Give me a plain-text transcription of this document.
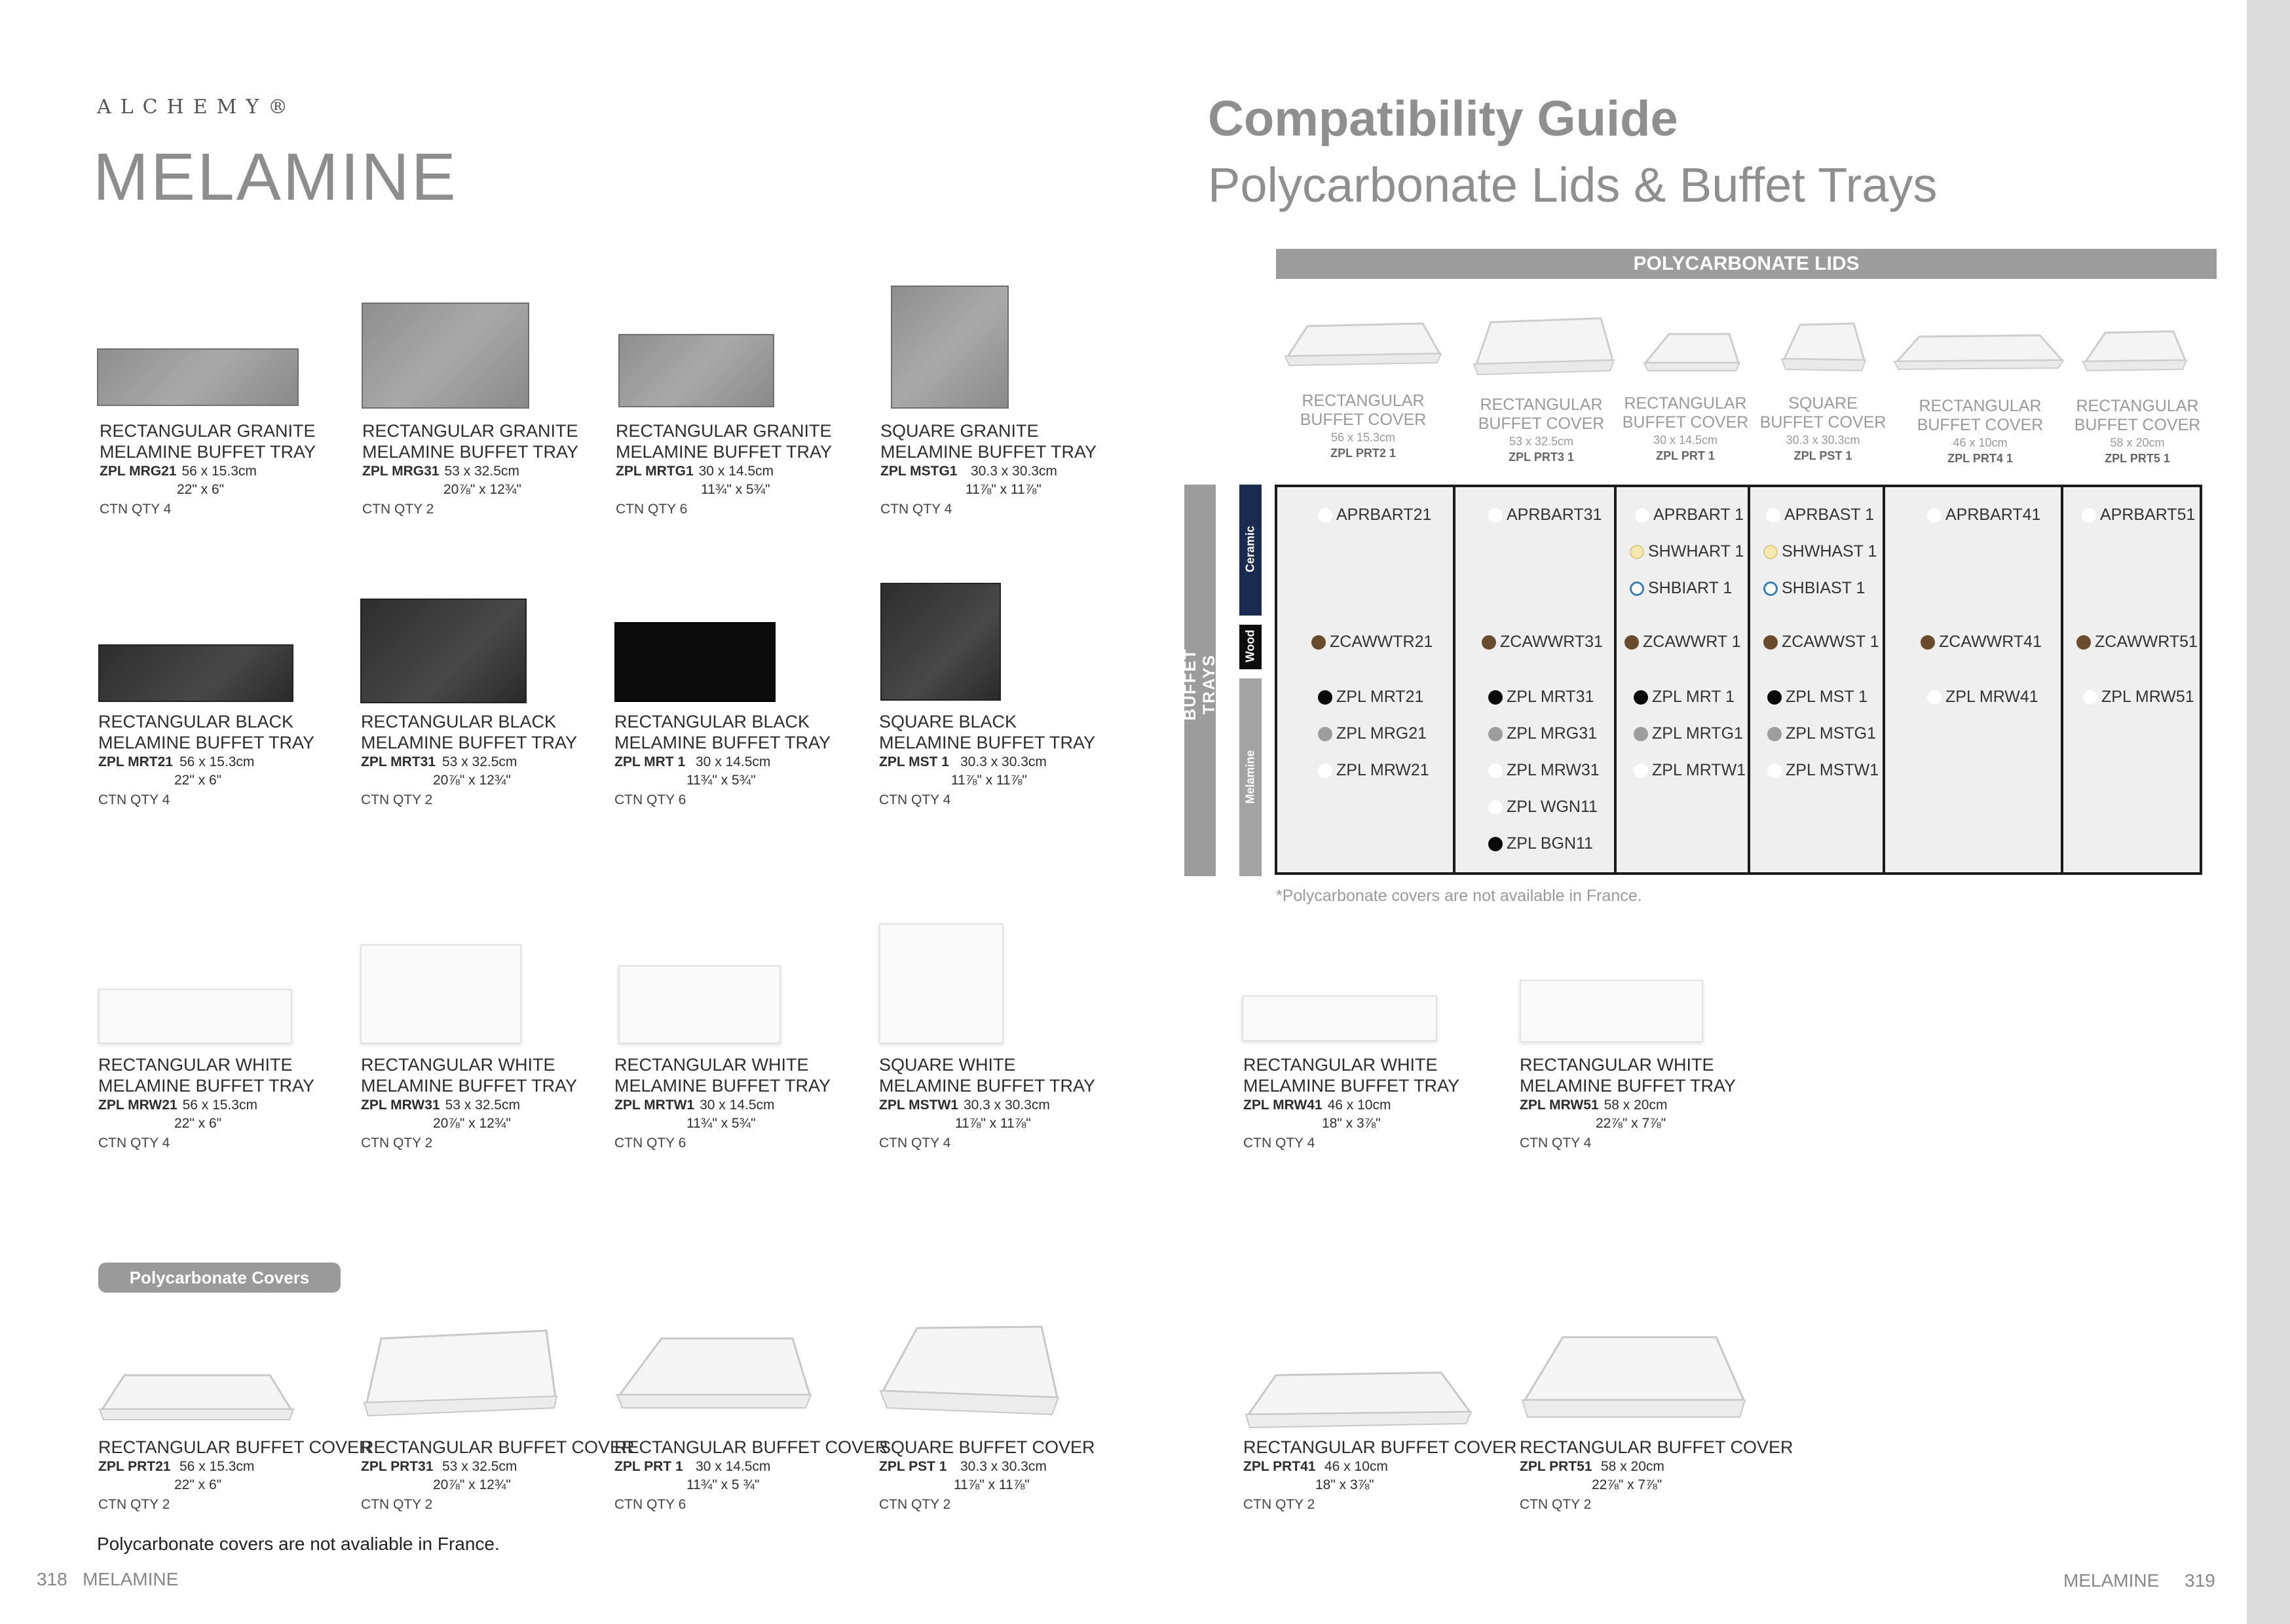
ALCHEMY®
MELAMINE
Compatibility Guide
Polycarbonate Lids & Buffet Trays
RECTANGULAR GRANITE
MELAMINE BUFFET TRAY
ZPL MRG21 56 x 15.3cm
22" x 6"
CTN QTY 4
RECTANGULAR GRANITE
MELAMINE BUFFET TRAY
ZPL MRG31 53 x 32.5cm
20⅞" x 12¾"
CTN QTY 2
RECTANGULAR GRANITE
MELAMINE BUFFET TRAY
ZPL MRTG1 30 x 14.5cm
11¾" x 5¾"
CTN QTY 6
SQUARE GRANITE
MELAMINE BUFFET TRAY
ZPL MSTG1 30.3 x 30.3cm
11⅞" x 11⅞"
CTN QTY 4
RECTANGULAR BLACK
MELAMINE BUFFET TRAY
ZPL MRT21 56 x 15.3cm
22" x 6"
CTN QTY 4
RECTANGULAR BLACK
MELAMINE BUFFET TRAY
ZPL MRT31 53 x 32.5cm
20⅞" x 12¾"
CTN QTY 2
RECTANGULAR BLACK
MELAMINE BUFFET TRAY
ZPL MRT 1 30 x 14.5cm
11¾" x 5¾"
CTN QTY 6
SQUARE BLACK
MELAMINE BUFFET TRAY
ZPL MST 1 30.3 x 30.3cm
11⅞" x 11⅞"
CTN QTY 4
RECTANGULAR WHITE
MELAMINE BUFFET TRAY
ZPL MRW21 56 x 15.3cm
22" x 6"
CTN QTY 4
RECTANGULAR WHITE
MELAMINE BUFFET TRAY
ZPL MRW31 53 x 32.5cm
20⅞" x 12¾"
CTN QTY 2
RECTANGULAR WHITE
MELAMINE BUFFET TRAY
ZPL MRTW1 30 x 14.5cm
11¾" x 5¾"
CTN QTY 6
SQUARE WHITE
MELAMINE BUFFET TRAY
ZPL MSTW1 30.3 x 30.3cm
11⅞" x 11⅞"
CTN QTY 4
RECTANGULAR WHITE
MELAMINE BUFFET TRAY
ZPL MRW41 46 x 10cm
18" x 3⅞"
CTN QTY 4
RECTANGULAR WHITE
MELAMINE BUFFET TRAY
ZPL MRW51 58 x 20cm
22⅞" x 7⅞"
CTN QTY 4
Polycarbonate Covers
RECTANGULAR BUFFET COVER
ZPL PRT21 56 x 15.3cm
22" x 6"
CTN QTY 2
RECTANGULAR BUFFET COVER
ZPL PRT31 53 x 32.5cm
20⅞" x 12¾"
CTN QTY 2
RECTANGULAR BUFFET COVER
ZPL PRT 1 30 x 14.5cm
11¾" x 5 ¾"
CTN QTY 6
SQUARE BUFFET COVER
ZPL PST 1 30.3 x 30.3cm
11⅞" x 11⅞"
CTN QTY 2
RECTANGULAR BUFFET COVER
ZPL PRT41 46 x 10cm
18" x 3⅞"
CTN QTY 2
RECTANGULAR BUFFET COVER
ZPL PRT51 58 x 20cm
22⅞" x 7⅞"
CTN QTY 2
Polycarbonate covers are not avaliable in France.
318 MELAMINE	MELAMINE 319
POLYCARBONATE LIDS
RECTANGULAR
BUFFET COVER
56 x 15.3cm
ZPL PRT2 1
RECTANGULAR
BUFFET COVER
53 x 32.5cm
ZPL PRT3 1
RECTANGULAR
BUFFET COVER
30 x 14.5cm
ZPL PRT 1
SQUARE
BUFFET COVER
30.3 x 30.3cm
ZPL PST 1
RECTANGULAR
BUFFET COVER
46 x 10cm
ZPL PRT4 1
RECTANGULAR
BUFFET COVER
58 x 20cm
ZPL PRT5 1
BUFFET TRAYS
Ceramic
Wood
Melamine
APRBART21
ZCAWWTR21
ZPL MRT21
ZPL MRG21
ZPL MRW21
APRBART31
ZCAWWRT31
ZPL MRT31
ZPL MRG31
ZPL MRW31
ZPL WGN11
ZPL BGN11
APRBART 1
SHWHART 1
SHBIART 1
ZCAWWRT 1
ZPL MRT 1
ZPL MRTG1
ZPL MRTW1
APRBAST 1
SHWHAST 1
SHBIAST 1
ZCAWWST 1
ZPL MST 1
ZPL MSTG1
ZPL MSTW1
APRBART41
ZCAWWRT41
ZPL MRW41
APRBART51
ZCAWWRT51
ZPL MRW51
*Polycarbonate covers are not available in France.
